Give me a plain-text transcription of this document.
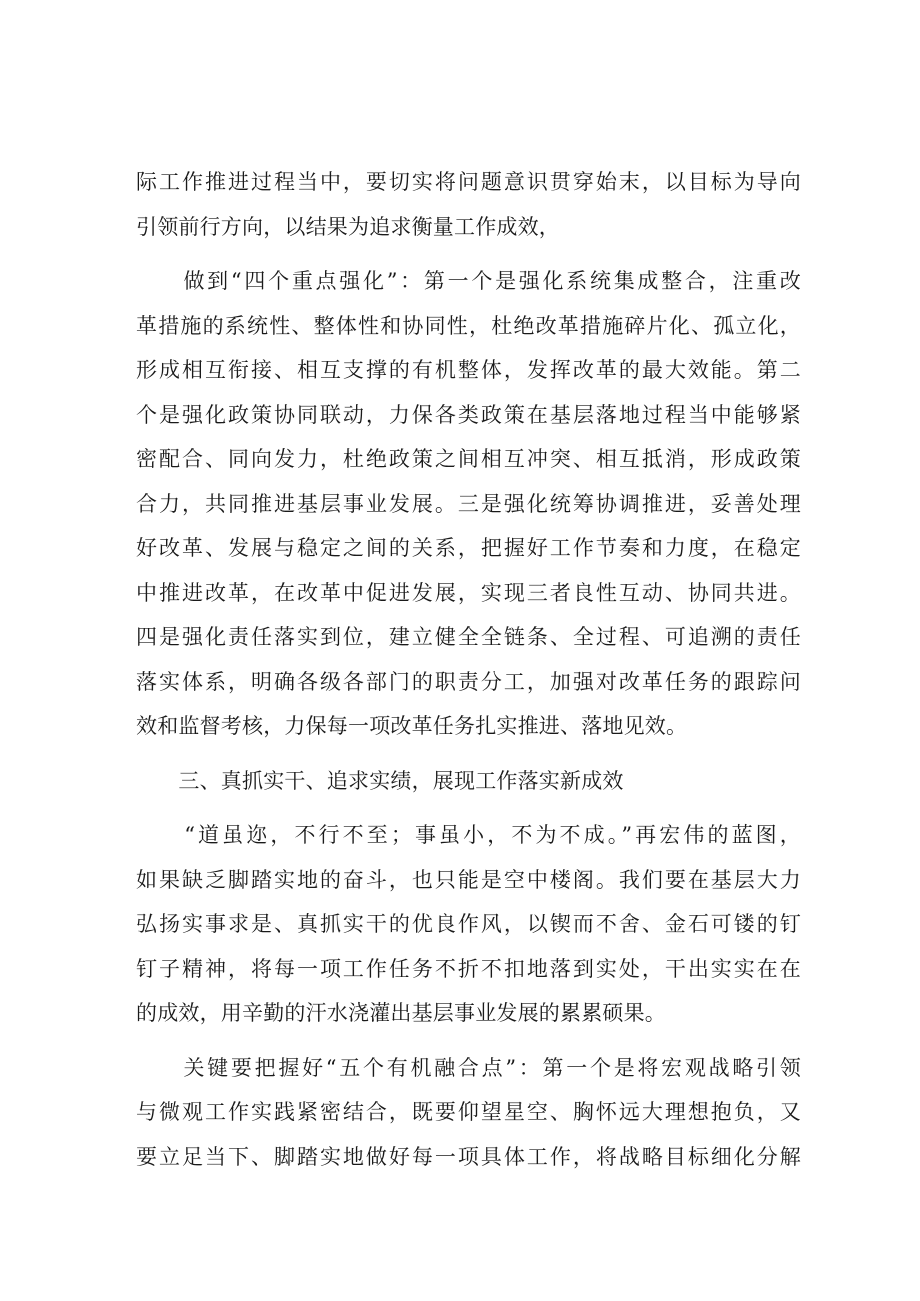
际工作推进过程当中，要切实将问题意识贯穿始末，以目标为导向
引领前行方向，以结果为追求衡量工作成效，
　　做到“四个重点强化”：第一个是强化系统集成整合，注重改
革措施的系统性、整体性和协同性，杜绝改革措施碎片化、孤立化，
形成相互衔接、相互支撑的有机整体，发挥改革的最大效能。第二
个是强化政策协同联动，力保各类政策在基层落地过程当中能够紧
密配合、同向发力，杜绝政策之间相互冲突、相互抵消，形成政策
合力，共同推进基层事业发展。三是强化统筹协调推进，妥善处理
好改革、发展与稳定之间的关系，把握好工作节奏和力度，在稳定
中推进改革，在改革中促进发展，实现三者良性互动、协同共进。
四是强化责任落实到位，建立健全全链条、全过程、可追溯的责任
落实体系，明确各级各部门的职责分工，加强对改革任务的跟踪问
效和监督考核，力保每一项改革任务扎实推进、落地见效。
　　三、真抓实干、追求实绩，展现工作落实新成效
　　“道虽迩，不行不至；事虽小，不为不成。”再宏伟的蓝图，
如果缺乏脚踏实地的奋斗，也只能是空中楼阁。我们要在基层大力
弘扬实事求是、真抓实干的优良作风，以锲而不舍、金石可镂的钉
钉子精神，将每一项工作任务不折不扣地落到实处，干出实实在在
的成效，用辛勤的汗水浇灌出基层事业发展的累累硕果。
　　关键要把握好“五个有机融合点”：第一个是将宏观战略引领
与微观工作实践紧密结合，既要仰望星空、胸怀远大理想抱负，又
要立足当下、脚踏实地做好每一项具体工作，将战略目标细化分解
